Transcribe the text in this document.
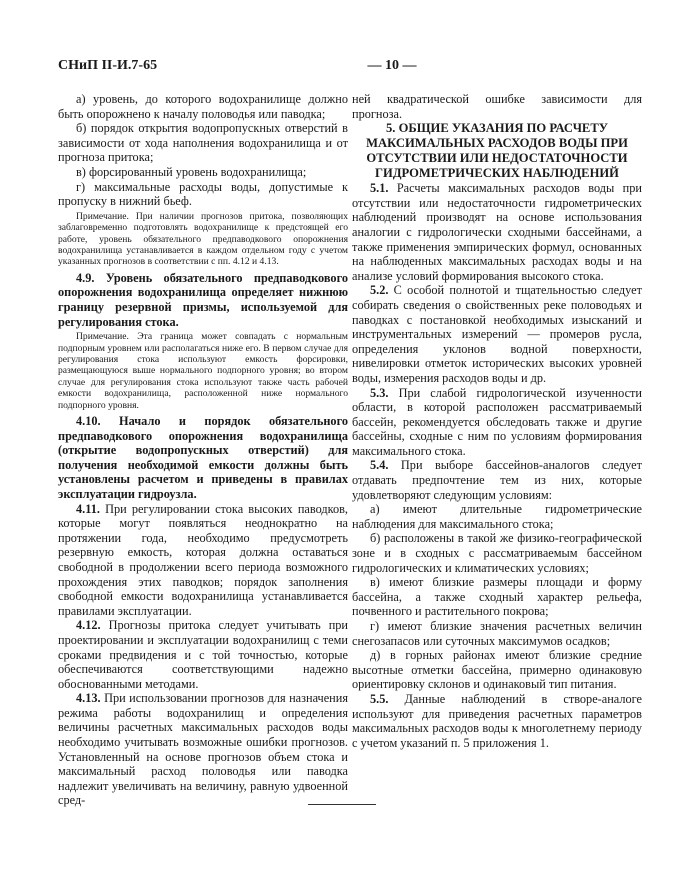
СНиП II-И.7-65	— 10 —

а) уровень, до которого водохранилище должно быть опорожнено к началу половодья или паводка;

б) порядок открытия водопропускных отверстий в зависимости от хода наполнения водохранилища и от прогноза притока;

в) форсированный уровень водохранилища;

г) максимальные расходы воды, допустимые к пропуску в нижний бьеф.

Примечание. При наличии прогнозов притока, позволяющих заблаговременно подготовлять водохранилище к предстоящей его работе, уровень обязательного предпаводкового опорожнения водохранилища устанавливается в каждом отдельном году с учетом указанных прогнозов в соответствии с пп. 4.12 и 4.13.

4.9. Уровень обязательного предпаводкового опорожнения водохранилища определяет нижнюю границу резервной призмы, используемой для регулирования стока.

Примечание. Эта граница может совпадать с нормальным подпорным уровнем или располагаться ниже его. В первом случае для регулирования стока используют емкость форсировки, размещающуюся выше нормального подпорного уровня; во втором случае для регулирования стока используют также часть рабочей емкости водохранилища, расположенной ниже нормального подпорного уровня.

4.10. Начало и порядок обязательного предпаводкового опорожнения водохранилища (открытие водопропускных отверстий) для получения необходимой емкости должны быть установлены расчетом и приведены в правилах эксплуатации гидроузла.

4.11. При регулировании стока высоких паводков, которые могут появляться неоднократно на протяжении года, необходимо предусмотреть резервную емкость, которая должна оставаться свободной в продолжении всего периода возможного прохождения этих паводков; порядок заполнения свободной емкости водохранилища устанавливается правилами эксплуатации.

4.12. Прогнозы притока следует учитывать при проектировании и эксплуатации водохранилищ с теми сроками предвидения и с той точностью, которые обеспечиваются соответствующими надежно обоснованными методами.

4.13. При использовании прогнозов для назначения режима работы водохранилищ и определения величины расчетных максимальных расходов воды необходимо учитывать возможные ошибки прогнозов. Установленный на основе прогнозов объем стока и максимальный расход половодья или паводка надлежит увеличивать на величину, равную удвоенной сред-

ней квадратической ошибке зависимости для прогноза.

5. ОБЩИЕ УКАЗАНИЯ ПО РАСЧЕТУ МАКСИМАЛЬНЫХ РАСХОДОВ ВОДЫ ПРИ ОТСУТСТВИИ ИЛИ НЕДОСТАТОЧНОСТИ ГИДРОМЕТРИЧЕСКИХ НАБЛЮДЕНИЙ

5.1. Расчеты максимальных расходов воды при отсутствии или недостаточности гидрометрических наблюдений производят на основе использования аналогии с гидрологически сходными бассейнами, а также применения эмпирических формул, основанных на наблюденных максимальных расходах воды и на анализе условий формирования высокого стока.

5.2. С особой полнотой и тщательностью следует собирать сведения о свойственных реке половодьях и паводках с постановкой необходимых изысканий и инструментальных измерений — промеров русла, определения уклонов водной поверхности, нивелировки отметок исторических высоких уровней воды, измерения расходов воды и др.

5.3. При слабой гидрологической изученности области, в которой расположен рассматриваемый бассейн, рекомендуется обследовать также и другие бассейны, сходные с ним по условиям формирования максимального стока.

5.4. При выборе бассейнов-аналогов следует отдавать предпочтение тем из них, которые удовлетворяют следующим условиям:

а) имеют длительные гидрометрические наблюдения для максимального стока;

б) расположены в такой же физико-географической зоне и в сходных с рассматриваемым бассейном гидрологических и климатических условиях;

в) имеют близкие размеры площади и форму бассейна, а также сходный характер рельефа, почвенного и растительного покрова;

г) имеют близкие значения расчетных величин снегозапасов или суточных максимумов осадков;

д) в горных районах имеют близкие средние высотные отметки бассейна, примерно одинаковую ориентировку склонов и одинаковый тип питания.

5.5. Данные наблюдений в створе-аналоге используют для приведения расчетных параметров максимальных расходов воды к многолетнему периоду с учетом указаний п. 5 приложения 1.
